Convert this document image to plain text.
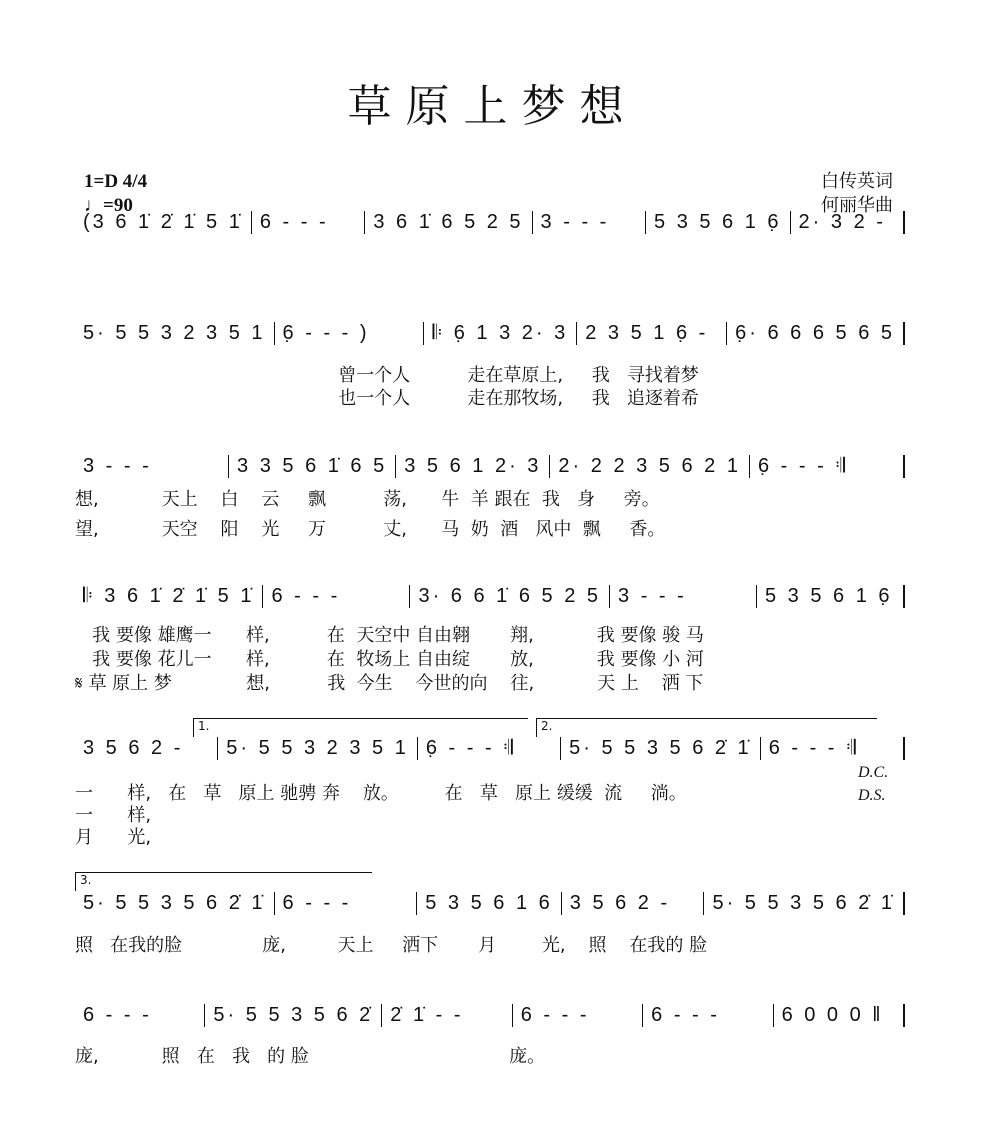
草原上梦想
1=D 4/4
♩=90
白传英词
何丽华曲
1.	2.
3.
D.C.
D.S.
(3 6 1̇ 2̇ 1̇ 5 1̇ 6 - - -	3 6 1̇ 6 5 2 5 3 - - -	5 3 5 6 1 6̣ 2· 3 2 -
5· 5 5 3 2 3 5 1 6̣ - - - )	𝄆 6̣ 1 3 2· 3 2 3 5 1 6̣ -	6̣· 6 6 6 5 6 5
3 - - -	3 3 5 6 1̇ 6 5 3 5 6 1 2· 3 2· 2 2 3 5 6 2 1 6̣ - - - 𝄇
𝄆 3 6 1̇ 2̇ 1̇ 5 1̇ 6 - - -	3· 6 6 1̇ 6 5 2 5 3 - - -	5 3 5 6 1 6̣
3 5 6 2 -	5· 5 5 3 2 3 5 1 6̣ - - - 𝄇	5· 5 5 3 5 6 2̇ 1̇ 6 - - - 𝄇
5· 5 5 3 5 6 2̇ 1̇ 6 - - -	5 3 5 6 1 6 3 5 6 2 -	5· 5 5 3 5 6 2̇ 1̇
6 - - -	5· 5 5 3 5 6 2̇ 2̇ 1̇ - -	6 - - -	6 - - -	6 0 0 0 ‖
曾一个人          走在草原上,     我   寻找着梦
也一个人          走在那牧场,     我   追逐着希
想,           天上    白    云     飘          荡,      牛  羊 跟在  我   身     旁。
望,           天空    阳    光     万          丈,      马  奶  酒   风中  飘     香。
我 要像 雄鹰一      样,          在  天空中 自由翱       翔,           我 要像 骏 马
我 要像 花儿一      样,          在  牧场上 自由绽       放,           我 要像 小 河
𝄋 草 原上 梦             想,          我  今生    今世的向    往,           天 上    洒 下
一      样,   在   草   原上 驰骋 奔    放。        在   草   原上 缓缓  流     淌。
一      样,
月      光,
照   在我的脸              庞,         天上     洒下       月        光,    照    在我的 脸
庞,           照   在   我   的 脸                                   庞。
